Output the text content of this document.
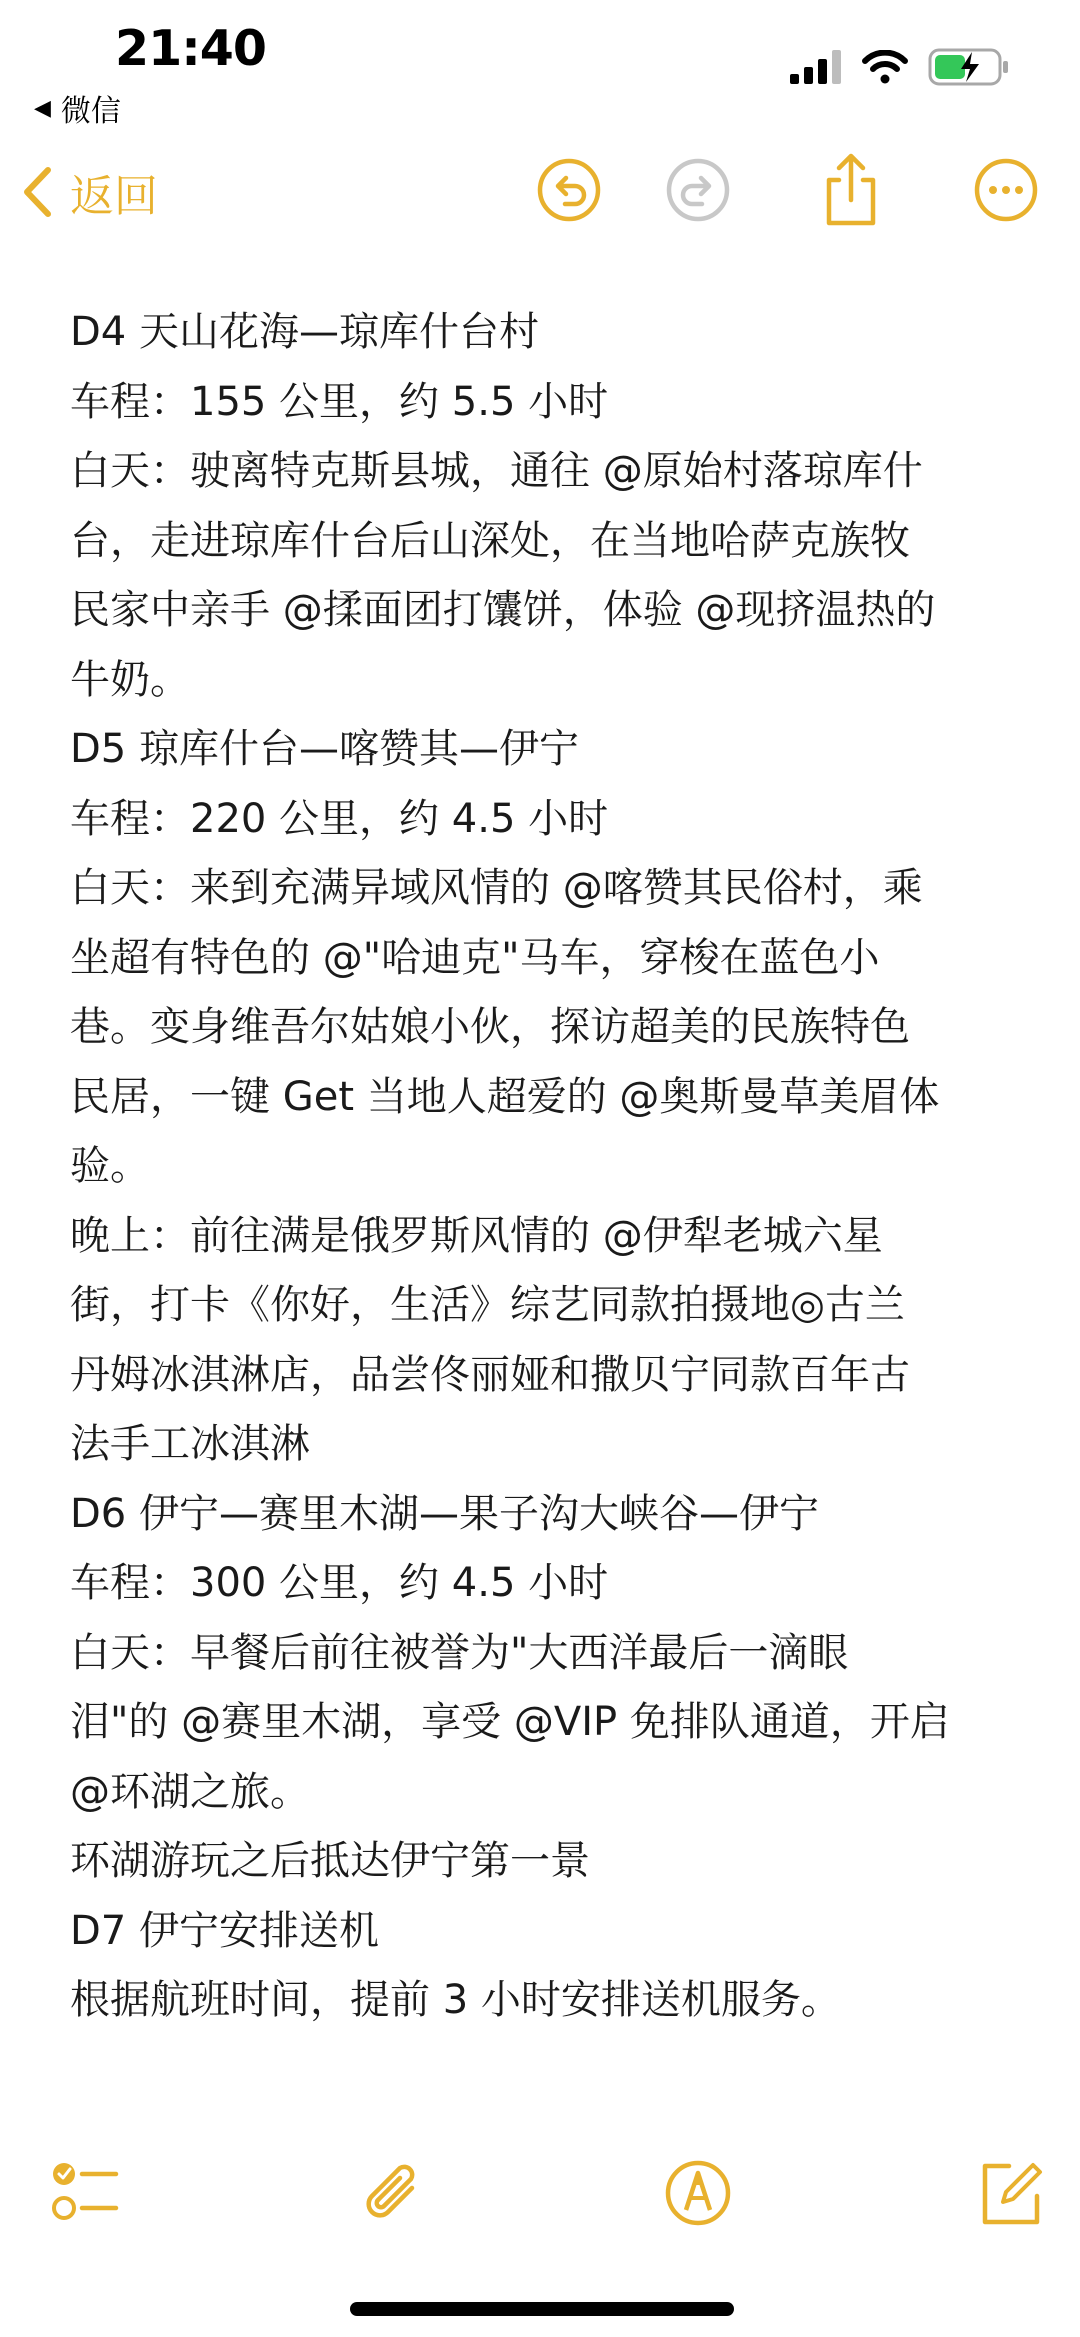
21:40
◀ 微信
返回
D4 天山花海—琼库什台村
车程：155 公里，约 5.5 小时
白天：驶离特克斯县城，通往 @原始村落琼库什
台，走进琼库什台后山深处，在当地哈萨克族牧
民家中亲手 @揉面团打馕饼，体验 @现挤温热的
牛奶。
D5 琼库什台—喀赞其—伊宁
车程：220 公里，约 4.5 小时
白天：来到充满异域风情的 @喀赞其民俗村，乘
坐超有特色的 @"哈迪克"马车，穿梭在蓝色小
巷。变身维吾尔姑娘小伙，探访超美的民族特色
民居，一键 Get 当地人超爱的 @奥斯曼草美眉体
验。
晚上：前往满是俄罗斯风情的 @伊犁老城六星
街，打卡《你好，生活》综艺同款拍摄地◎古兰
丹姆冰淇淋店，品尝佟丽娅和撒贝宁同款百年古
法手工冰淇淋
D6 伊宁—赛里木湖—果子沟大峡谷—伊宁
车程：300 公里，约 4.5 小时
白天：早餐后前往被誉为"大西洋最后一滴眼
泪"的 @赛里木湖，享受 @VIP 免排队通道，开启
@环湖之旅。
环湖游玩之后抵达伊宁第一景
D7 伊宁安排送机
根据航班时间，提前 3 小时安排送机服务。
